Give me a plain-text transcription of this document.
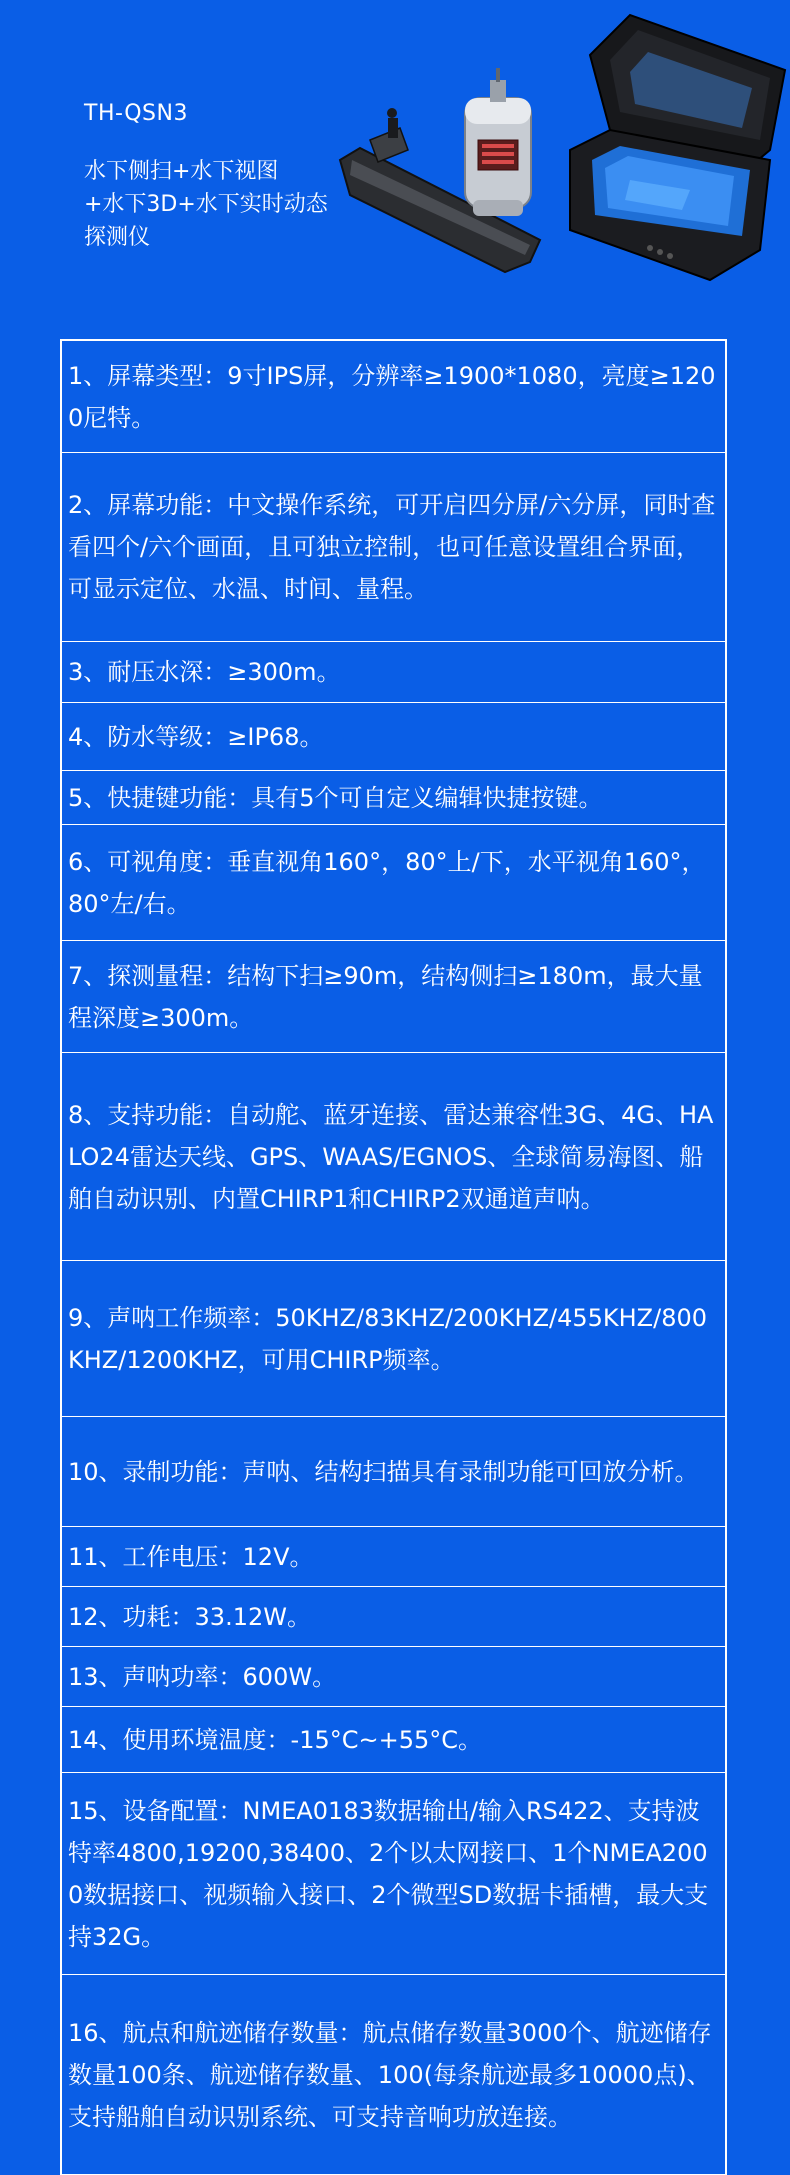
TH-QSN3
水下侧扫+水下视图
+水下3D+水下实时动态
探测仪
1、屏幕类型：9寸IPS屏，分辨率≥1900*1080，亮度≥1200尼特。
2、屏幕功能：中文操作系统，可开启四分屏/六分屏，同时查看四个/六个画面，且可独立控制，也可任意设置组合界面，可显示定位、水温、时间、量程。
3、耐压水深：≥300m。
4、防水等级：≥IP68。
5、快捷键功能：具有5个可自定义编辑快捷按键。
6、可视角度：垂直视角160°，80°上/下，水平视角160°，80°左/右。
7、探测量程：结构下扫≥90m，结构侧扫≥180m，最大量程深度≥300m。
8、支持功能：自动舵、蓝牙连接、雷达兼容性3G、4G、HALO24雷达天线、GPS、WAAS/EGNOS、全球简易海图、船舶自动识别、内置CHIRP1和CHIRP2双通道声呐。
9、声呐工作频率：50KHZ/83KHZ/200KHZ/455KHZ/800KHZ/1200KHZ，可用CHIRP频率。
10、录制功能：声呐、结构扫描具有录制功能可回放分析。
11、工作电压：12V。
12、功耗：33.12W。
13、声呐功率：600W。
14、使用环境温度：-15°C~+55°C。
15、设备配置：NMEA0183数据输出/输入RS422、支持波特率4800,19200,38400、2个以太网接口、1个NMEA2000数据接口、视频输入接口、2个微型SD数据卡插槽，最大支持32G。
16、航点和航迹储存数量：航点储存数量3000个、航迹储存数量100条、航迹储存数量、100(每条航迹最多10000点)、支持船舶自动识别系统、可支持音响功放连接。
